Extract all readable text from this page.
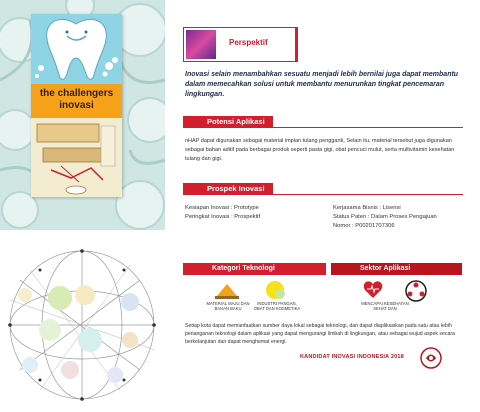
the challengers inovasi
Perspektif

Inovasi selain menambahkan sesuatu menjadi lebih bernilai juga dapat membantu dalam memecahkan solusi untuk membantu menurunkan tingkat pencemaran lingkungan.

Potensi Aplikasi

nHAP dapat digunakan sebagai material implan tulang pengganti, Selain itu, material tersebut juga digunakan sebagai bahan aditif pada berbagai produk seperti pasta gigi, obat pencuci mulut, serta multivitamin kesehatan tulang dan gigi.

Prospek Inovasi

Kesiapan Inovasi : Prototype

Peringkat Inovasi : Prospektif

Kerjasama Bisnis : Lisensi

Status Paten : Dalam Proses Pengajuan

Nomor : P00201707306

Kategori Teknologi	Sektor Aplikasi
MATERIAL MAJU DAN BAHAN BAKU
INDUSTRI PANGAN, OBAT DAN KOSMETIKA
MENCAPAI KESEHATAN SEHAT DAN

Setiap kota dapat memanfaatkan sumber daya lokal sebagai teknologi, dan dapat diaplikasikan pada satu atau lebih penanganan teknologi dalam aplikasi yang dapat mengurangi limbah di lingkungan, atau sebagai wujud aspek secara berkelanjutan dan dapat menghemat energi.

KANDIDAT INOVASI INDONESIA 2018
